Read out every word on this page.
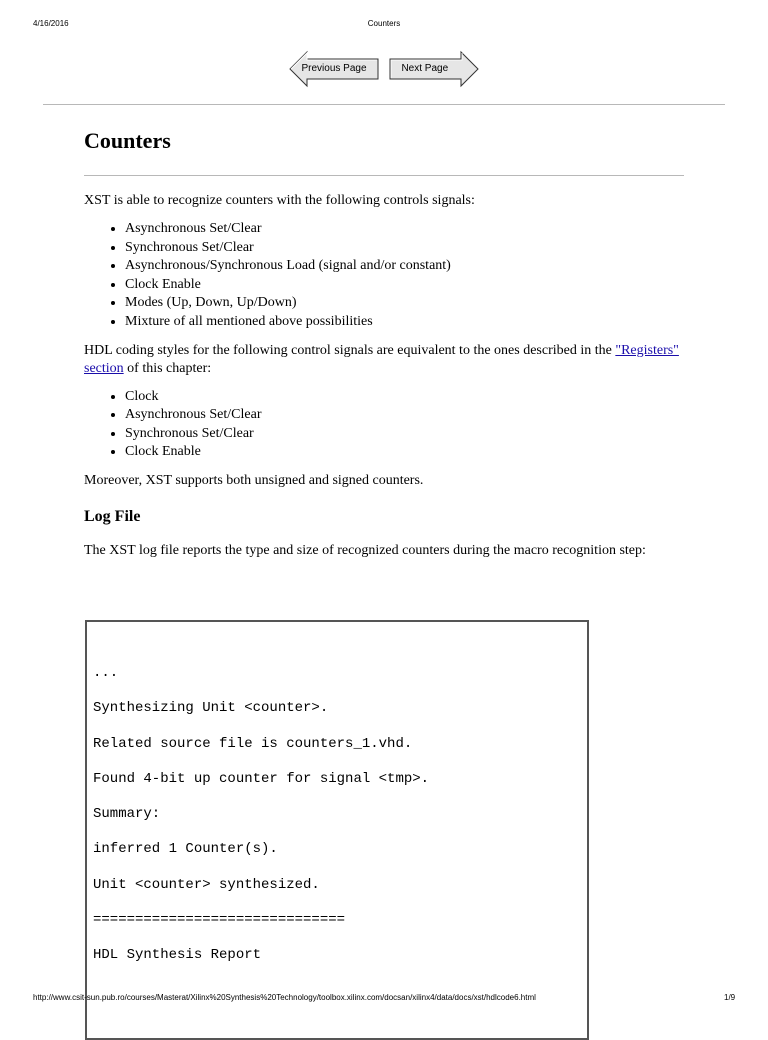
4/16/2016	Counters
Previous Page	Next Page
Counters

XST is able to recognize counters with the following controls signals:

• Asynchronous Set/Clear
• Synchronous Set/Clear
• Asynchronous/Synchronous Load (signal and/or constant)
• Clock Enable
• Modes (Up, Down, Up/Down)
• Mixture of all mentioned above possibilities

HDL coding styles for the following control signals are equivalent to the ones described in the "Registers" section of this chapter:

• Clock
• Asynchronous Set/Clear
• Synchronous Set/Clear
• Clock Enable

Moreover, XST supports both unsigned and signed counters.

Log File

The XST log file reports the type and size of recognized counters during the macro recognition step:

...
Synthesizing Unit <counter>.
Related source file is counters_1.vhd.
Found 4-bit up counter for signal <tmp>.
Summary:
inferred 1 Counter(s).
Unit <counter> synthesized.
==============================
HDL Synthesis Report
http://www.csit-sun.pub.ro/courses/Masterat/Xilinx%20Synthesis%20Technology/toolbox.xilinx.com/docsan/xilinx4/data/docs/xst/hdlcode6.html	1/9
